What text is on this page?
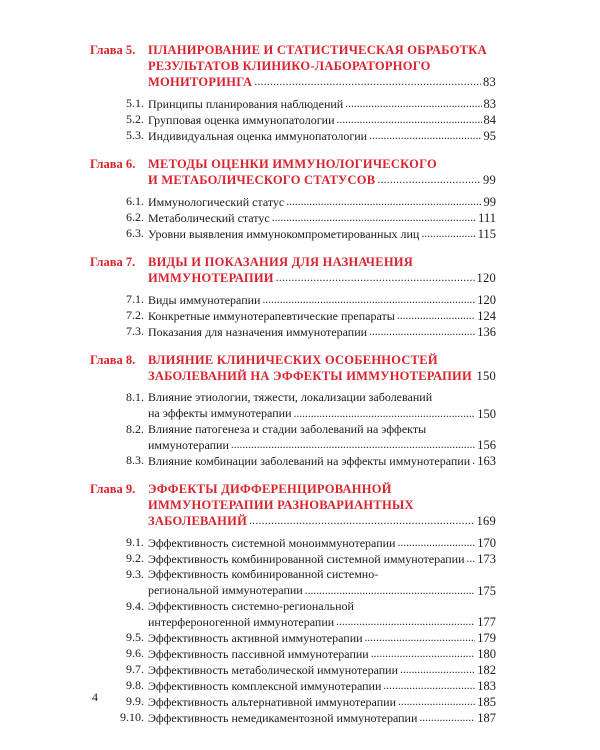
Глава 5. ПЛАНИРОВАНИЕ И СТАТИСТИЧЕСКАЯ ОБРАБОТКА
РЕЗУЛЬТАТОВ КЛИНИКО-ЛАБОРАТОРНОГО
МОНИТОРИНГА .....	83
5.1. Принципы планирования наблюдений .....	83
5.2. Групповая оценка иммунопатологии .....	84
5.3. Индивидуальная оценка иммунопатологии .....	95
Глава 6. МЕТОДЫ ОЦЕНКИ ИММУНОЛОГИЧЕСКОГО
И МЕТАБОЛИЧЕСКОГО СТАТУСОВ .....	99
6.1. Иммунологический статус .....	99
6.2. Метаболический статус .....	111
6.3. Уровни выявления иммунокомпрометированных лиц .....	115
Глава 7. ВИДЫ И ПОКАЗАНИЯ ДЛЯ НАЗНАЧЕНИЯ
ИММУНОТЕРАПИИ .....	120
7.1. Виды иммунотерапии .....	120
7.2. Конкретные иммунотерапевтические препараты .....	124
7.3. Показания для назначения иммунотерапии .....	136
Глава 8. ВЛИЯНИЕ КЛИНИЧЕСКИХ ОСОБЕННОСТЕЙ
ЗАБОЛЕВАНИЙ НА ЭФФЕКТЫ ИММУНОТЕРАПИИ ..... 150
8.1. Влияние этиологии, тяжести, локализации заболеваний
на эффекты иммунотерапии .....	150
8.2. Влияние патогенеза и стадии заболеваний на эффекты
иммунотерапии .....	156
8.3. Влияние комбинации заболеваний на эффекты иммунотерапии ..... 163
Глава 9. ЭФФЕКТЫ ДИФФЕРЕНЦИРОВАННОЙ
ИММУНОТЕРАПИИ РАЗНОВАРИАНТНЫХ
ЗАБОЛЕВАНИЙ .....	169
9.1. Эффективность системной моноиммунотерапии .....	170
9.2. Эффективность комбинированной системной иммунотерапии ..... 173
9.3. Эффективность комбинированной системно-
региональной иммунотерапии .....	175
9.4. Эффективность системно-региональной
интерфероногенной иммунотерапии .....	177
9.5. Эффективность активной иммунотерапии .....	179
9.6. Эффективность пассивной иммунотерапии .....	180
9.7. Эффективность метаболической иммунотерапии .....	182
9.8. Эффективность комплексной иммунотерапии .....	183
9.9. Эффективность альтернативной иммунотерапии .....	185
9.10. Эффективность немедикаментозной иммунотерапии .....	187
4
